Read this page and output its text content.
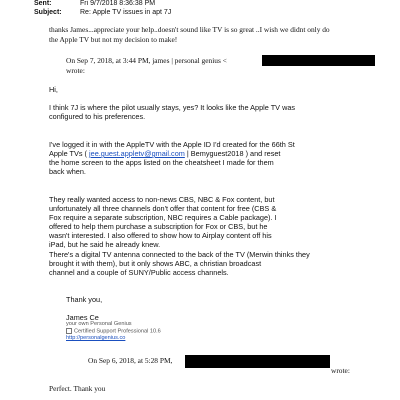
Sent:	Fri 9/7/2018 8:36:38 PM
Subject:	Re: Apple TV issues in apt 7J
thanks James...appreciate your help..doesn't sound like TV is so great ..I wish we didnt only do
the Apple TV but not my decision to make!
On Sep 7, 2018, at 3:44 PM, james | personal genius <
wrote:
Hi,
I think 7J is where the pilot usually stays, yes? It looks like the Apple TV was
configured to his preferences.
I've logged it in with the AppleTV with the Apple ID I'd created for the 66th St
Apple TVs ( jee.guest.appletv@gmail.com | Bemyguest2018 ) and reset
the home screen to the apps listed on the cheatsheet I made for them
back when.
They really wanted access to non-news CBS, NBC & Fox content, but
unfortunately all three channels don't offer that content for free (CBS &
Fox require a separate subscription, NBC requires a Cable package). I
offered to help them purchase a subscription for Fox or CBS, but he
wasn't interested. I also offered to show how to Airplay content off his
iPad, but he said he already knew.
There's a digital TV antenna connected to the back of the TV (Merwin thinks they
brought it with them), but it only shows ABC, a christian broadcast
channel and a couple of SUNY/Public access channels.
Thank you,
James Ce
your own Personal Genius
Certified Support Professional 10.6
http://personalgenius.co
On Sep 6, 2018, at 5:28 PM,
wrote:
Perfect. Thank you
